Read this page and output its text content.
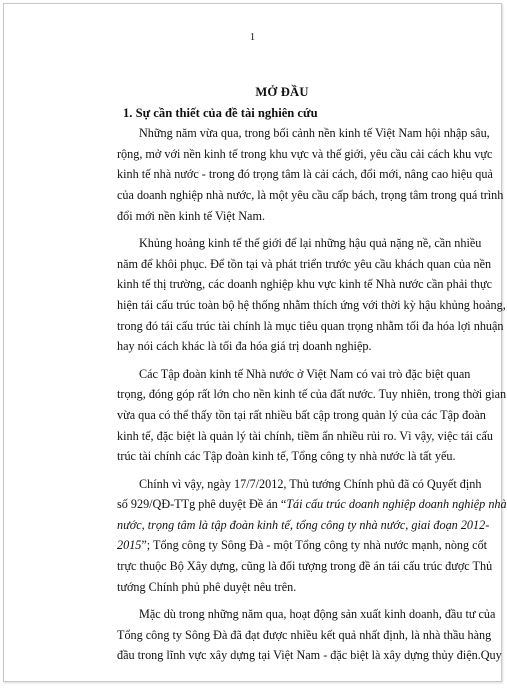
1
MỞ ĐẦU
1. Sự cần thiết của đề tài nghiên cứu
Những năm vừa qua, trong bối cảnh nền kinh tế Việt Nam hội nhập sâu,
rộng, mở với nền kinh tế trong khu vực và thế giới, yêu cầu cải cách khu vực
kinh tế nhà nước - trong đó trọng tâm là cải cách, đổi mới, nâng cao hiệu quả
của doanh nghiệp nhà nước, là một yêu cầu cấp bách, trọng tâm trong quá trình
đổi mới nền kinh tế Việt Nam.
Khủng hoảng kinh tế thế giới để lại những hậu quả nặng nề, cần nhiều
năm để khôi phục. Để tồn tại và phát triển trước yêu cầu khách quan của nền
kinh tế thị trường, các doanh nghiệp khu vực kinh tế Nhà nước cần phải thực
hiện tái cấu trúc toàn bộ hệ thống nhằm thích ứng với thời kỳ hậu khủng hoảng,
trong đó tái cấu trúc tài chính là mục tiêu quan trọng nhằm tối đa hóa lợi nhuận
hay nói cách khác là tối đa hóa giá trị doanh nghiệp.
Các Tập đoàn kinh tế Nhà nước ở Việt Nam có vai trò đặc biệt quan
trọng, đóng góp rất lớn cho nền kinh tế của đất nước. Tuy nhiên, trong thời gian
vừa qua có thể thấy tồn tại rất nhiều bất cập trong quản lý của các Tập đoàn
kinh tế, đặc biệt là quản lý tài chính, tiềm ẩn nhiều rủi ro. Vì vậy, việc tái cấu
trúc tài chính các Tập đoàn kinh tế, Tổng công ty nhà nước là tất yếu.
Chính vì vậy, ngày 17/7/2012, Thủ tướng Chính phủ đã có Quyết định
số 929/QĐ-TTg phê duyệt Đề án “Tái cấu trúc doanh nghiệp doanh nghiệp nhà
nước, trọng tâm là tập đoàn kinh tế, tổng công ty nhà nước, giai đoạn 2012-
2015”; Tổng công ty Sông Đà - một Tổng công ty nhà nước mạnh, nòng cốt
trực thuộc Bộ Xây dựng, cũng là đối tượng trong đề án tái cấu trúc được Thủ
tướng Chính phủ phê duyệt nêu trên.
Mặc dù trong những năm qua, hoạt động sản xuất kinh doanh, đầu tư của
Tổng công ty Sông Đà đã đạt được nhiều kết quả nhất định, là nhà thầu hàng
đầu trong lĩnh vực xây dựng tại Việt Nam - đặc biệt là xây dựng thủy điện.Quy
